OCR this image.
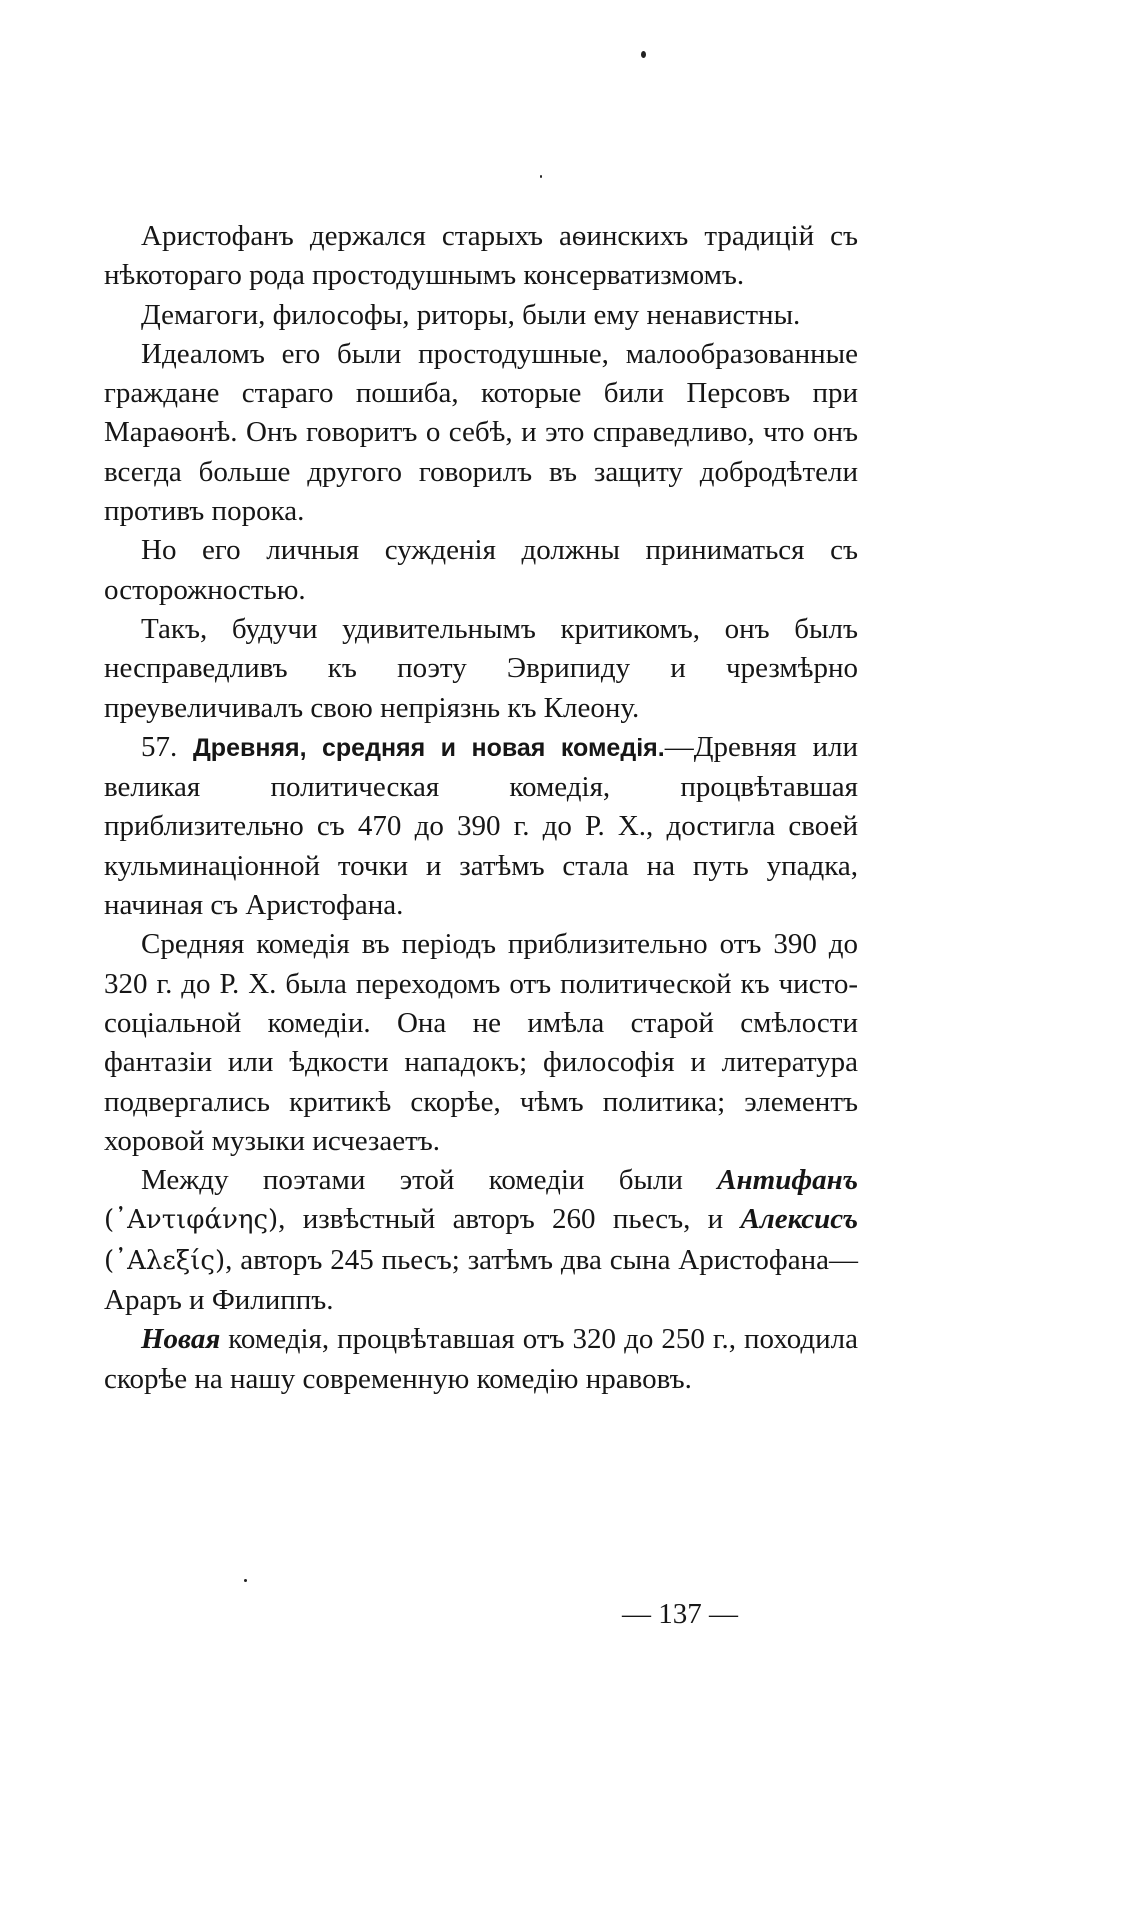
Аристофанъ держался старыхъ аѳинскихъ традицій съ нѣкотораго рода простодушнымъ консерватизмомъ.

Демагоги, философы, риторы, были ему ненавистны.

Идеаломъ его были простодушные, малообразованные граждане стараго пошиба, которые били Персовъ при Мараѳонѣ. Онъ говоритъ о себѣ, и это справедливо, что онъ всегда больше другого говорилъ въ защиту добродѣтели противъ порока.

Но его личныя сужденія должны приниматься съ осторожностью.

Такъ, будучи удивительнымъ критикомъ, онъ былъ несправедливъ къ поэту Эврипиду и чрезмѣрно преувеличивалъ свою непріязнь къ Клеону.

57. Древняя, средняя и новая комедія.—Древняя или великая политическая комедія, процвѣтавшая приблизительно съ 470 до 390 г. до Р. Х., достигла своей кульминаціонной точки и затѣмъ стала на путь упадка, начиная съ Аристофана.

Средняя комедія въ періодъ приблизительно отъ 390 до 320 г. до Р. Х. была переходомъ отъ политической къ чисто-соціальной комедіи. Она не имѣла старой смѣлости фантазіи или ѣдкости нападокъ; философія и литература подвергались критикѣ скорѣе, чѣмъ политика; элементъ хоровой музыки исчезаетъ.

Между поэтами этой комедіи были Антифанъ (᾿Αντιφάνης), извѣстный авторъ 260 пьесъ, и Алексисъ (᾿Αλεξίς), авторъ 245 пьесъ; затѣмъ два сына Аристофана—Араръ и Филиппъ.

Новая комедія, процвѣтавшая отъ 320 до 250 г., походила скорѣе на нашу современную комедію нравовъ.

— 137 —
